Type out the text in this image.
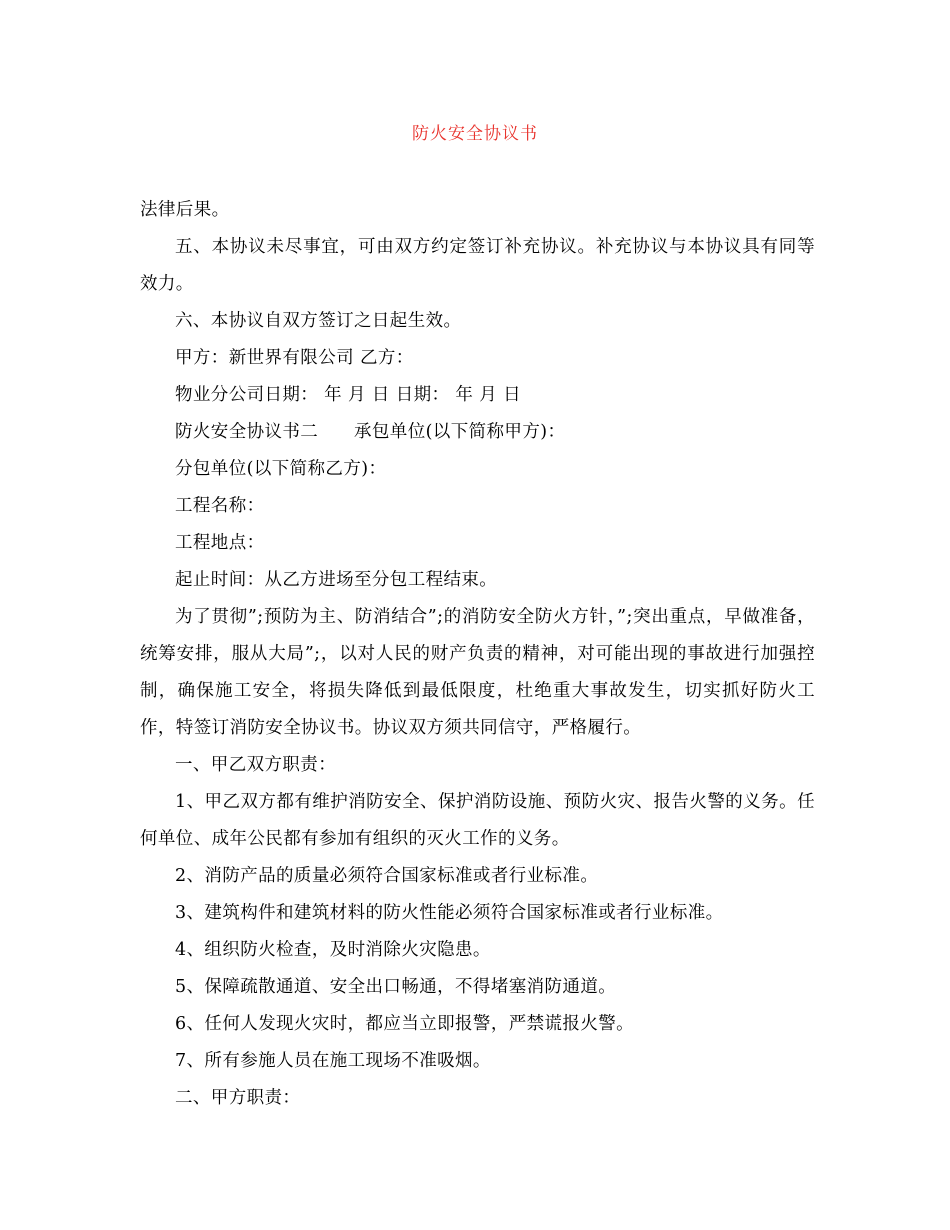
防火安全协议书

法律后果。

五、本协议未尽事宜，可由双方约定签订补充协议。补充协议与本协议具有同等效力。

六、本协议自双方签订之日起生效。

甲方：新世界有限公司 乙方：

物业分公司日期： 年 月 日 日期： 年 月 日

防火安全协议书二　　承包单位(以下简称甲方)：

分包单位(以下简称乙方)：

工程名称：

工程地点：

起止时间：从乙方进场至分包工程结束。

为了贯彻”;预防为主、防消结合”;的消防安全防火方针，”;突出重点，早做准备，统筹安排，服从大局”;，以对人民的财产负责的精神，对可能出现的事故进行加强控制，确保施工安全，将损失降低到最低限度，杜绝重大事故发生，切实抓好防火工作，特签订消防安全协议书。协议双方须共同信守，严格履行。

一、甲乙双方职责：

1、甲乙双方都有维护消防安全、保护消防设施、预防火灾、报告火警的义务。任何单位、成年公民都有参加有组织的灭火工作的义务。

2、消防产品的质量必须符合国家标准或者行业标准。

3、建筑构件和建筑材料的防火性能必须符合国家标准或者行业标准。

4、组织防火检查，及时消除火灾隐患。

5、保障疏散通道、安全出口畅通，不得堵塞消防通道。

6、任何人发现火灾时，都应当立即报警，严禁谎报火警。

7、所有参施人员在施工现场不准吸烟。

二、甲方职责：
